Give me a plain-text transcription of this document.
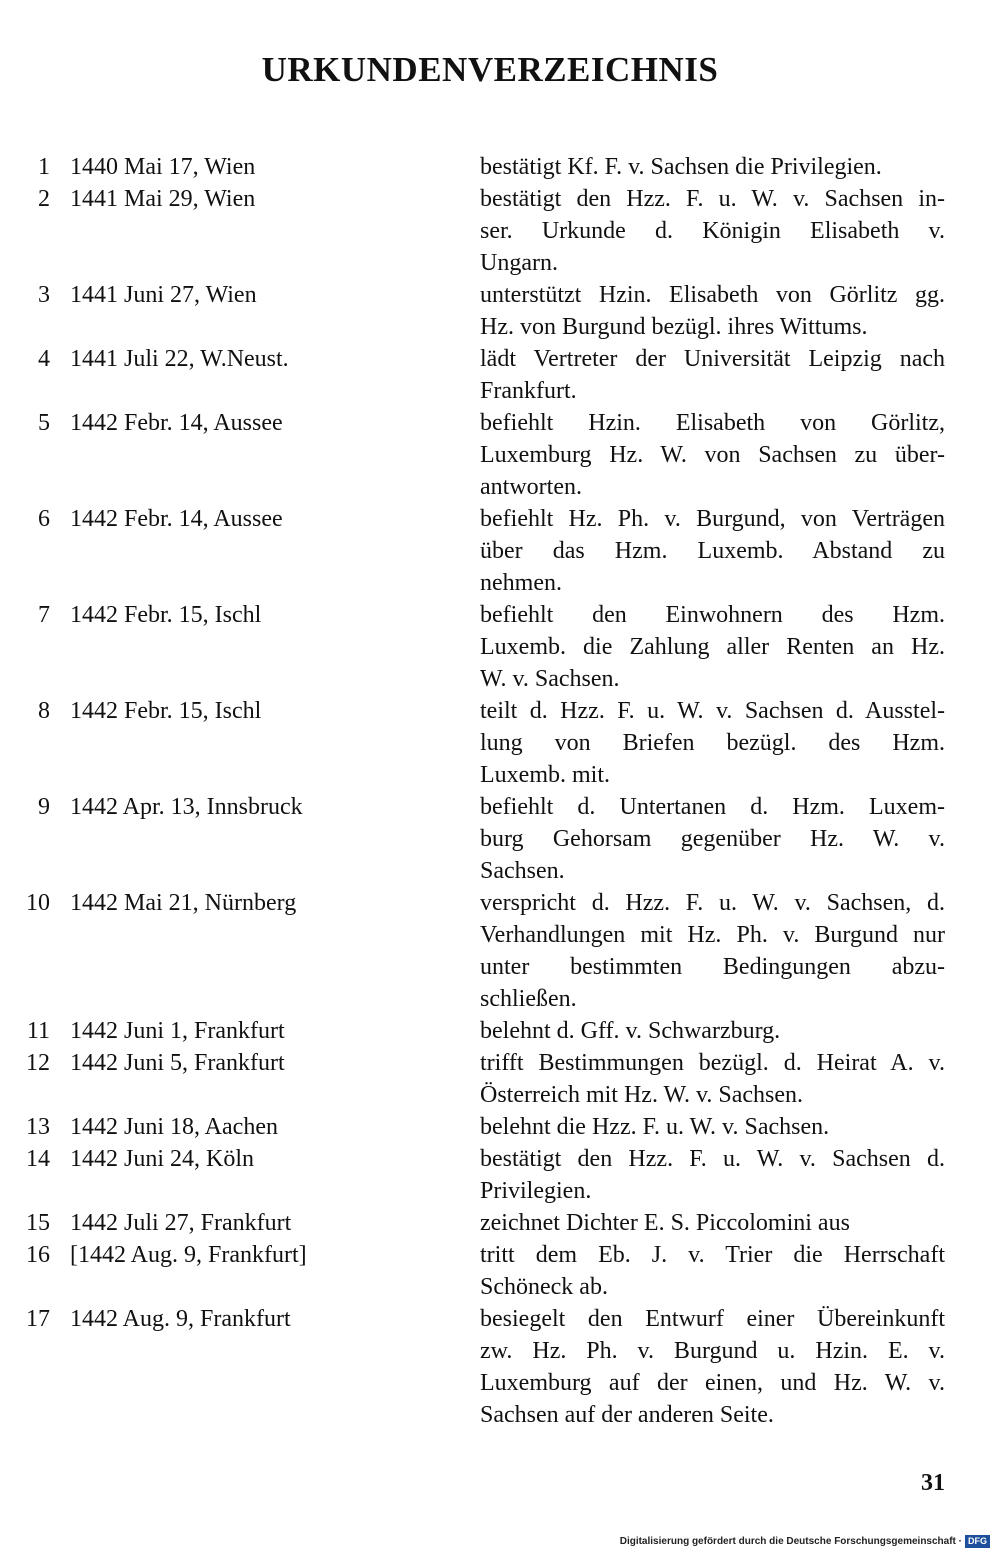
URKUNDENVERZEICHNIS
1 1440 Mai 17, Wien	bestätigt Kf. F. v. Sachsen die Privilegien.
2 1441 Mai 29, Wien	bestätigt den Hzz. F. u. W. v. Sachsen in-
ser. Urkunde d. Königin Elisabeth v.
Ungarn.
3 1441 Juni 27, Wien	unterstützt Hzin. Elisabeth von Görlitz gg.
Hz. von Burgund bezügl. ihres Wittums.
4 1441 Juli 22, W.Neust.	lädt Vertreter der Universität Leipzig nach
Frankfurt.
5 1442 Febr. 14, Aussee	befiehlt Hzin. Elisabeth von Görlitz,
Luxemburg Hz. W. von Sachsen zu über-
antworten.
6 1442 Febr. 14, Aussee	befiehlt Hz. Ph. v. Burgund, von Verträgen
über das Hzm. Luxemb. Abstand zu
nehmen.
7 1442 Febr. 15, Ischl	befiehlt den Einwohnern des Hzm.
Luxemb. die Zahlung aller Renten an Hz.
W. v. Sachsen.
8 1442 Febr. 15, Ischl	teilt d. Hzz. F. u. W. v. Sachsen d. Ausstel-
lung von Briefen bezügl. des Hzm.
Luxemb. mit.
9 1442 Apr. 13, Innsbruck	befiehlt d. Untertanen d. Hzm. Luxem-
burg Gehorsam gegenüber Hz. W. v.
Sachsen.
10 1442 Mai 21, Nürnberg	verspricht d. Hzz. F. u. W. v. Sachsen, d.
Verhandlungen mit Hz. Ph. v. Burgund nur
unter bestimmten Bedingungen abzu-
schließen.
11 1442 Juni 1, Frankfurt	belehnt d. Gff. v. Schwarzburg.
12 1442 Juni 5, Frankfurt	trifft Bestimmungen bezügl. d. Heirat A. v.
Österreich mit Hz. W. v. Sachsen.
13 1442 Juni 18, Aachen	belehnt die Hzz. F. u. W. v. Sachsen.
14 1442 Juni 24, Köln	bestätigt den Hzz. F. u. W. v. Sachsen d.
Privilegien.
15 1442 Juli 27, Frankfurt	zeichnet Dichter E. S. Piccolomini aus
16 [1442 Aug. 9, Frankfurt]	tritt dem Eb. J. v. Trier die Herrschaft
Schöneck ab.
17 1442 Aug. 9, Frankfurt	besiegelt den Entwurf einer Übereinkunft
zw. Hz. Ph. v. Burgund u. Hzin. E. v.
Luxemburg auf der einen, und Hz. W. v.
Sachsen auf der anderen Seite.
31
Digitalisierung gefördert durch die Deutsche Forschungsgemeinschaft · DFG
